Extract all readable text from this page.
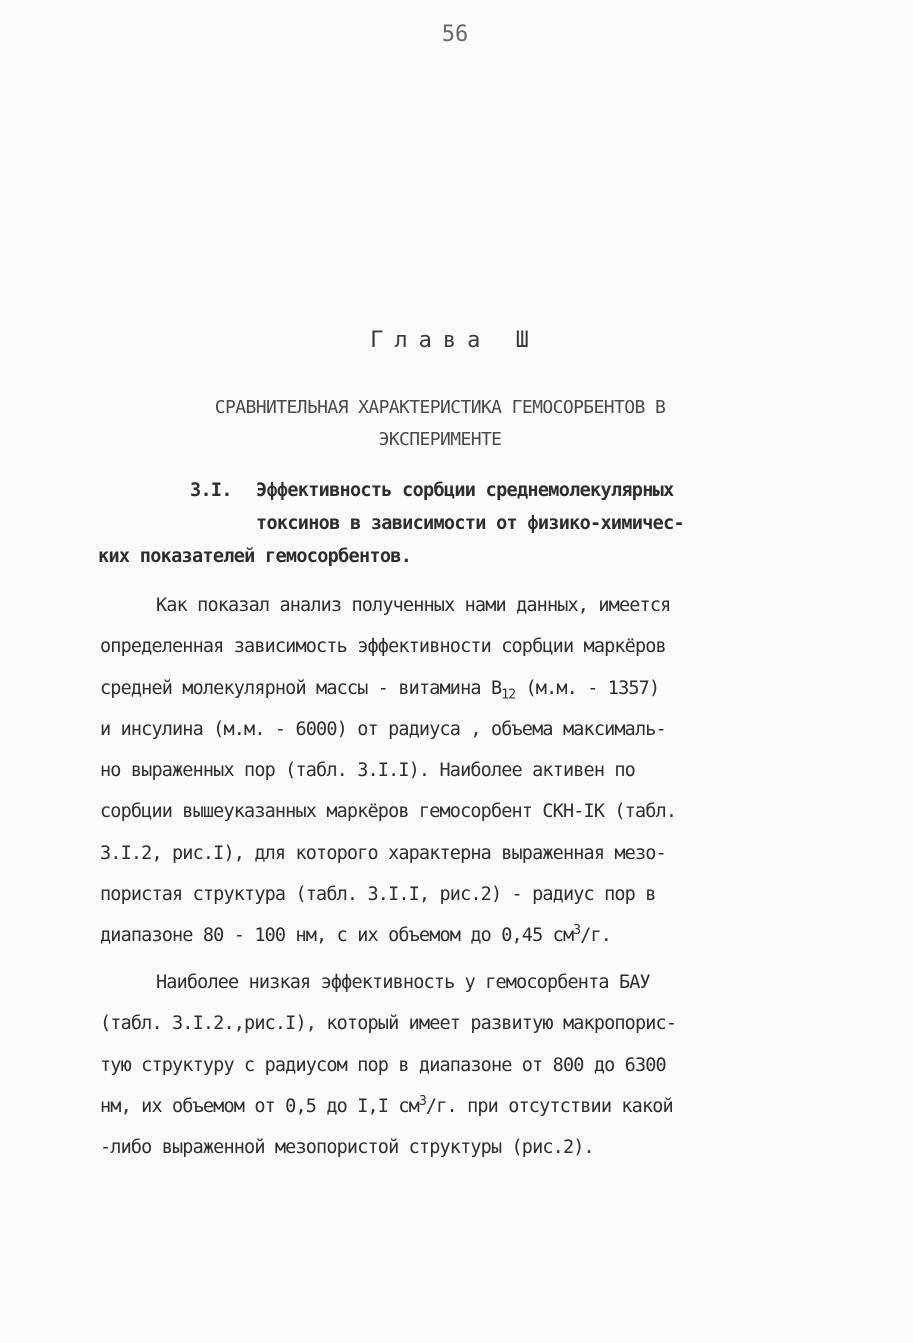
56
Глава Ш
СРАВНИТЕЛЬНАЯ ХАРАКТЕРИСТИКА ГЕМОСОРБЕНТОВ В
ЭКСПЕРИМЕНТЕ
3.I. Эффективность сорбции среднемолекулярных
токсинов в зависимости от физико-химичес-
ких показателей гемосорбентов.
Как показал анализ полученных нами данных, имеется
определенная зависимость эффективности сорбции маркёров
средней молекулярной массы - витамина $В_{12}$ (м.м. - 1357)
и инсулина (м.м. - 6000) от радиуса , объема максималь-
но выраженных пор (табл. 3.I.I). Наиболее активен по
сорбции вышеуказанных маркёров гемосорбент СКН-IК (табл.
3.I.2, рис.I), для которого характерна выраженная мезо-
пористая структура (табл. 3.I.I, рис.2) - радиус пор в
диапазоне 80 - 100 нм, с их объемом до 0,45 $см^3/г$.
Наиболее низкая эффективность у гемосорбента БАУ
(табл. 3.I.2.,рис.I), который имеет развитую макропорис-
тую структуру с радиусом пор в диапазоне от 800 до 6300
нм, их объемом от 0,5 до I,I $см^3/г$. при отсутствии какой
-либо выраженной мезопористой структуры (рис.2).
